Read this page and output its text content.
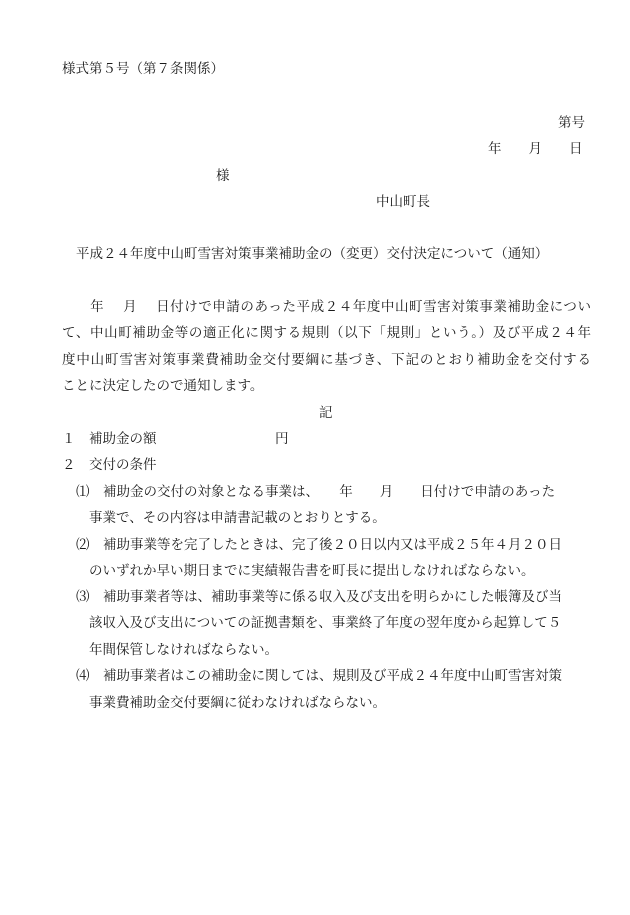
様式第５号（第７条関係）
第号
年　　月　　日
様
中山町長
平成２４年度中山町雪害対策事業補助金の（変更）交付決定について（通知）
　　年　 月　 日付けで申請のあった平成２４年度中山町雪害対策事業補助金につい
て、中山町補助金等の適正化に関する規則（以下「規則」という。）及び平成２４年
度中山町雪害対策事業費補助金交付要綱に基づき、下記のとおり補助金を交付する
ことに決定したので通知します。
記
１ 補助金の額	円
２ 交付の条件
⑴ 補助金の交付の対象となる事業は、　　年　　月　　日付けで申請のあった
事業で、その内容は申請書記載のとおりとする。
⑵ 補助事業等を完了したときは、完了後２０日以内又は平成２５年４月２０日
のいずれか早い期日までに実績報告書を町長に提出しなければならない。
⑶ 補助事業者等は、補助事業等に係る収入及び支出を明らかにした帳簿及び当
該収入及び支出についての証拠書類を、事業終了年度の翌年度から起算して５
年間保管しなければならない。
⑷ 補助事業者はこの補助金に関しては、規則及び平成２４年度中山町雪害対策
事業費補助金交付要綱に従わなければならない。
